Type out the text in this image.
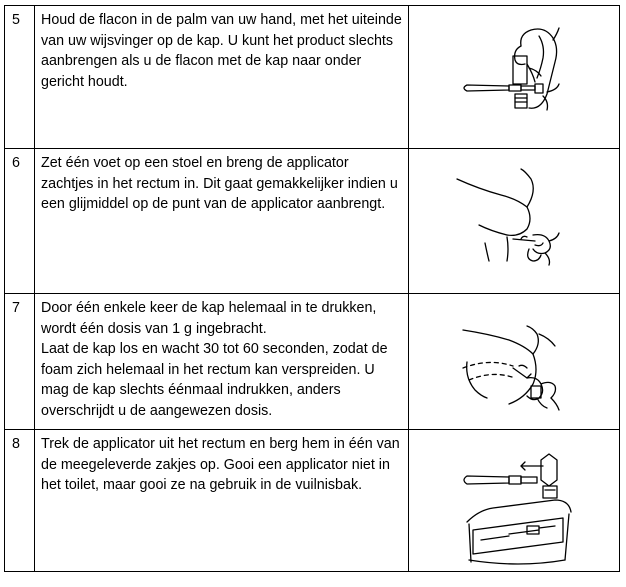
5	Houd de flacon in de palm van uw hand, met het uiteinde van uw wijsvinger op de kap. U kunt het product slechts aanbrengen als u de flacon met de kap naar onder gericht houdt.

6	Zet één voet op een stoel en breng de applicator zachtjes in het rectum in. Dit gaat gemakkelijker indien u een glijmiddel op de punt van de applicator aanbrengt.

7	Door één enkele keer de kap helemaal in te drukken, wordt één dosis van 1 g ingebracht.

Laat de kap los en wacht 30 tot 60 seconden, zodat de foam zich helemaal in het rectum kan verspreiden. U mag de kap slechts éénmaal indrukken, anders overschrijdt u de aangewezen dosis.

8	Trek de applicator uit het rectum en berg hem in één van de meegeleverde zakjes op. Gooi een applicator niet in het toilet, maar gooi ze na gebruik in de vuilnisbak.
